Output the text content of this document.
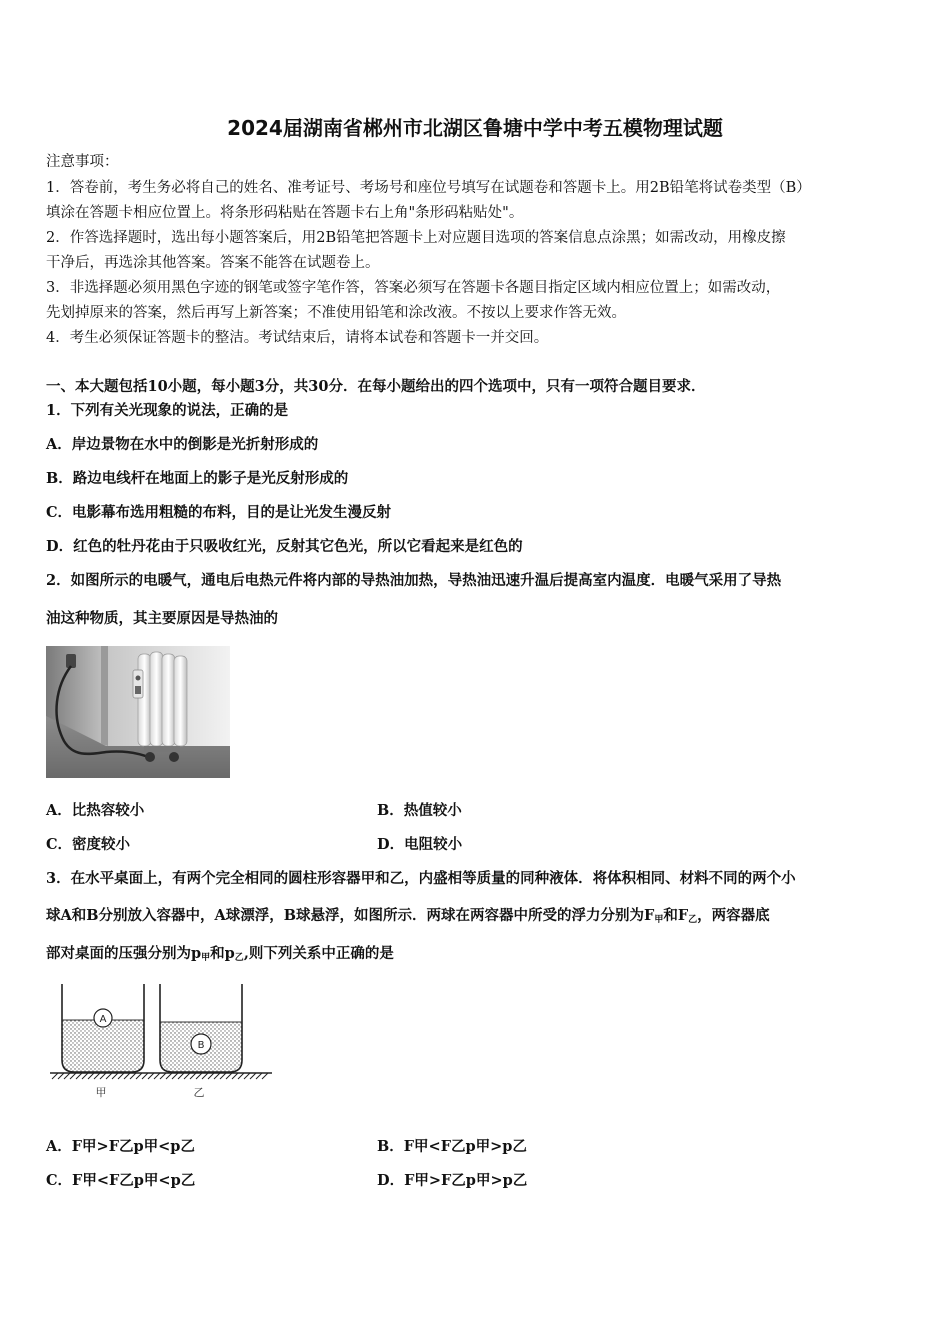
2024届湖南省郴州市北湖区鲁塘中学中考五模物理试题
注意事项：
1．答卷前，考生务必将自己的姓名、准考证号、考场号和座位号填写在试题卷和答题卡上。用2B铅笔将试卷类型（B）
填涂在答题卡相应位置上。将条形码粘贴在答题卡右上角"条形码粘贴处"。
2．作答选择题时，选出每小题答案后，用2B铅笔把答题卡上对应题目选项的答案信息点涂黑；如需改动，用橡皮擦
干净后，再选涂其他答案。答案不能答在试题卷上。
3．非选择题必须用黑色字迹的钢笔或签字笔作答，答案必须写在答题卡各题目指定区域内相应位置上；如需改动，
先划掉原来的答案，然后再写上新答案；不准使用铅笔和涂改液。不按以上要求作答无效。
4．考生必须保证答题卡的整洁。考试结束后，请将本试卷和答题卡一并交回。
一、本大题包括10小题，每小题3分，共30分．在每小题给出的四个选项中，只有一项符合题目要求．
1．下列有关光现象的说法，正确的是
A．岸边景物在水中的倒影是光折射形成的
B．路边电线杆在地面上的影子是光反射形成的
C．电影幕布选用粗糙的布料，目的是让光发生漫反射
D．红色的牡丹花由于只吸收红光，反射其它色光，所以它看起来是红色的
2．如图所示的电暖气，通电后电热元件将内部的导热油加热，导热油迅速升温后提高室内温度．电暖气采用了导热
油这种物质，其主要原因是导热油的
A．比热容较小	B．热值较小
C．密度较小	D．电阻较小
3．在水平桌面上，有两个完全相同的圆柱形容器甲和乙，内盛相等质量的同种液体．将体积相同、材料不同的两个小
球A和B分别放入容器中，A球漂浮，B球悬浮，如图所示．两球在两容器中所受的浮力分别为$F_甲$和$F_乙$，两容器底
部对桌面的压强分别为$p_甲$和$p_乙$,则下列关系中正确的是
A
B
甲	乙
A．F甲>F乙p甲<p乙	B．F甲<F乙p甲>p乙
C．F甲<F乙p甲<p乙	D．F甲>F乙p甲>p乙
